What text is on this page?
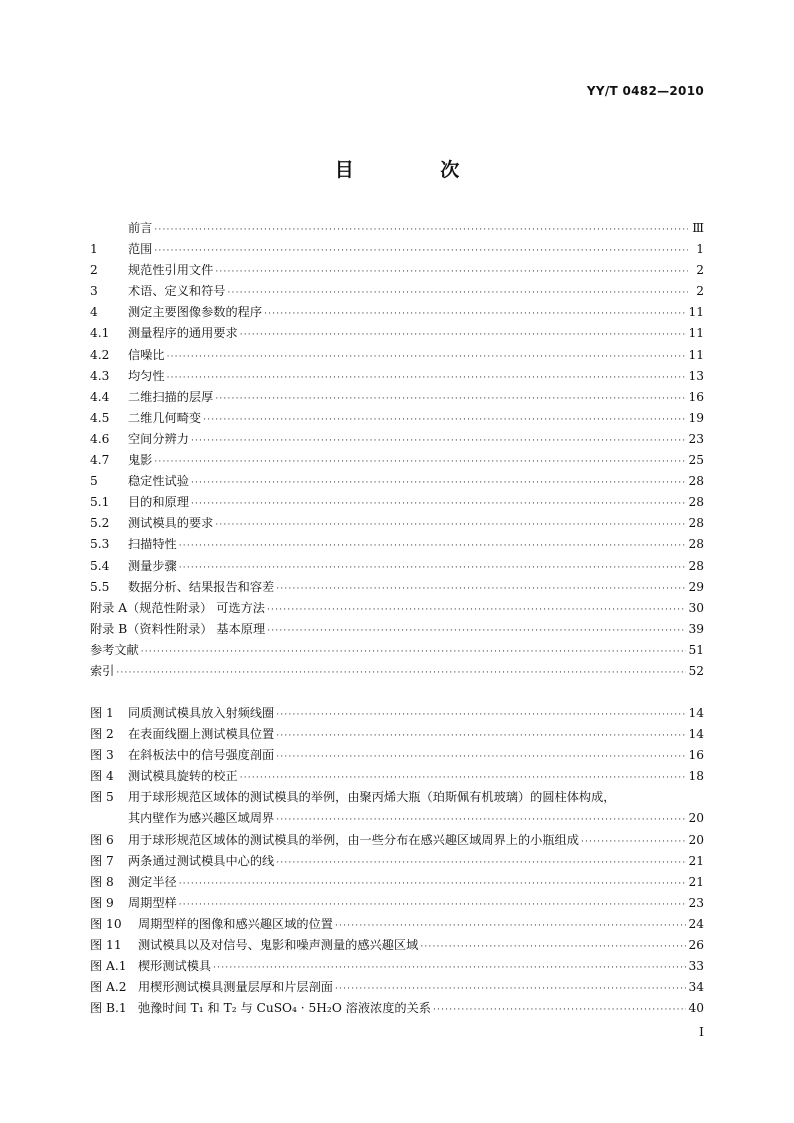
YY/T 0482—2010
目 次
前言 ·····	Ⅲ
1	范围 ·····	1
2	规范性引用文件 ·····	2
3	术语、定义和符号 ·····	2
4	测定主要图像参数的程序 ·····	11
4.1	测量程序的通用要求 ·····	11
4.2	信噪比 ·····	11
4.3	均匀性 ·····	13
4.4	二维扫描的层厚 ·····	16
4.5	二维几何畸变 ·····	19
4.6	空间分辨力 ·····	23
4.7	鬼影 ·····	25
5	稳定性试验 ·····	28
5.1	目的和原理 ·····	28
5.2	测试模具的要求 ·····	28
5.3	扫描特性 ·····	28
5.4	测量步骤 ·····	28
5.5	数据分析、结果报告和容差 ·····	29
附录 A（规范性附录） 可选方法 ·····	30
附录 B（资料性附录） 基本原理 ·····	39
参考文献 ·····	51
索引 ·····	52
图 1	同质测试模具放入射频线圈 ·····	14
图 2	在表面线圈上测试模具位置 ·····	14
图 3	在斜板法中的信号强度剖面 ·····	16
图 4	测试模具旋转的校正 ·····	18
图 5	用于球形规范区域体的测试模具的举例，由聚丙烯大瓶（珀斯佩有机玻璃）的圆柱体构成，
其内壁作为感兴趣区域周界 ·····	20
图 6	用于球形规范区域体的测试模具的举例，由一些分布在感兴趣区域周界上的小瓶组成 ·····	20
图 7	两条通过测试模具中心的线 ·····	21
图 8	测定半径 ·····	21
图 9	周期型样 ·····	23
图 10	周期型样的图像和感兴趣区域的位置 ·····	24
图 11	测试模具以及对信号、鬼影和噪声测量的感兴趣区域 ·····	26
图 A.1 楔形测试模具 ·····	33
图 A.2 用楔形测试模具测量层厚和片层剖面 ·····	34
图 B.1 弛豫时间 T₁ 和 T₂ 与 CuSO₄ · 5H₂O 溶液浓度的关系 ·····	40
Ⅰ
